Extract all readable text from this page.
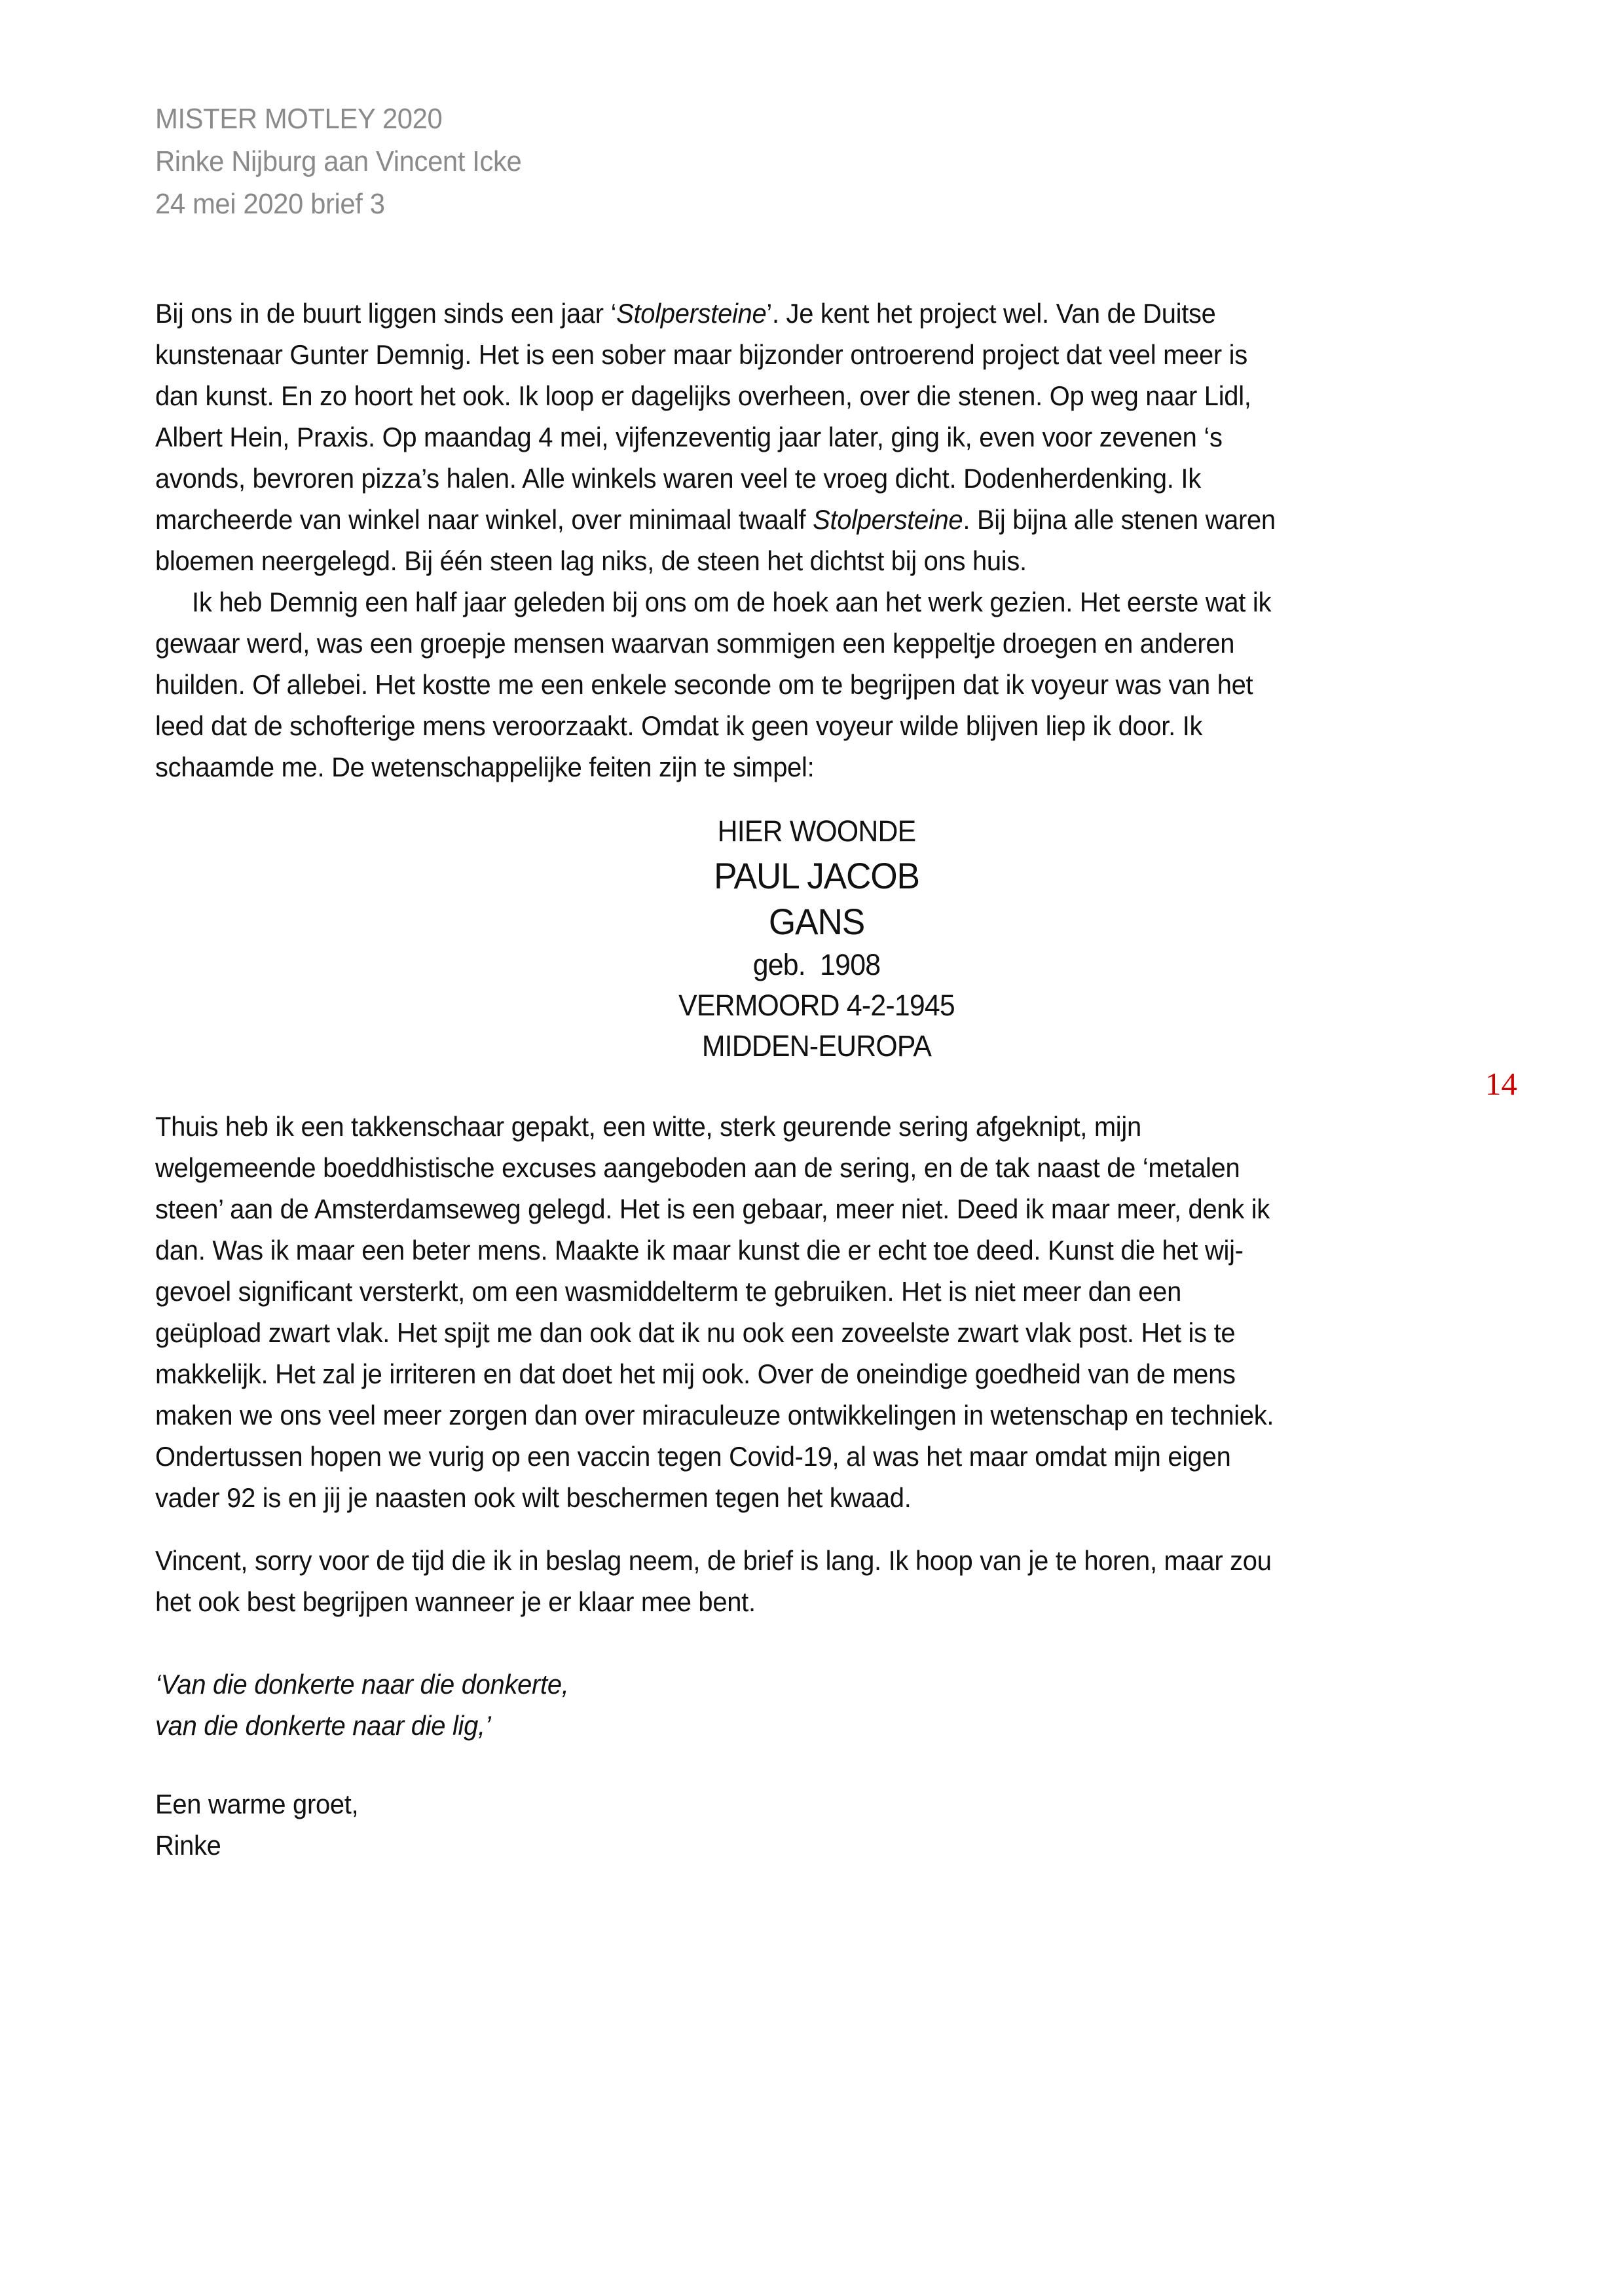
MISTER MOTLEY 2020
Rinke Nijburg aan Vincent Icke
24 mei 2020 brief 3
Bij ons in de buurt liggen sinds een jaar ‘Stolpersteine’. Je kent het project wel. Van de Duitse
kunstenaar Gunter Demnig. Het is een sober maar bijzonder ontroerend project dat veel meer is
dan kunst. En zo hoort het ook. Ik loop er dagelijks overheen, over die stenen. Op weg naar Lidl,
Albert Hein, Praxis. Op maandag 4 mei, vijfenzeventig jaar later, ging ik, even voor zevenen ‘s
avonds, bevroren pizza’s halen. Alle winkels waren veel te vroeg dicht. Dodenherdenking. Ik
marcheerde van winkel naar winkel, over minimaal twaalf Stolpersteine. Bij bijna alle stenen waren
bloemen neergelegd. Bij één steen lag niks, de steen het dichtst bij ons huis.
Ik heb Demnig een half jaar geleden bij ons om de hoek aan het werk gezien. Het eerste wat ik
gewaar werd, was een groepje mensen waarvan sommigen een keppeltje droegen en anderen
huilden. Of allebei. Het kostte me een enkele seconde om te begrijpen dat ik voyeur was van het
leed dat de schofterige mens veroorzaakt. Omdat ik geen voyeur wilde blijven liep ik door. Ik
schaamde me. De wetenschappelijke feiten zijn te simpel:
HIER WOONDE
PAUL JACOB
GANS
geb.  1908
VERMOORD 4-2-1945
MIDDEN-EUROPA
14
Thuis heb ik een takkenschaar gepakt, een witte, sterk geurende sering afgeknipt, mijn
welgemeende boeddhistische excuses aangeboden aan de sering, en de tak naast de ‘metalen
steen’ aan de Amsterdamseweg gelegd. Het is een gebaar, meer niet. Deed ik maar meer, denk ik
dan. Was ik maar een beter mens. Maakte ik maar kunst die er echt toe deed. Kunst die het wij-
gevoel significant versterkt, om een wasmiddelterm te gebruiken. Het is niet meer dan een
geüpload zwart vlak. Het spijt me dan ook dat ik nu ook een zoveelste zwart vlak post. Het is te
makkelijk. Het zal je irriteren en dat doet het mij ook. Over de oneindige goedheid van de mens
maken we ons veel meer zorgen dan over miraculeuze ontwikkelingen in wetenschap en techniek.
Ondertussen hopen we vurig op een vaccin tegen Covid-19, al was het maar omdat mijn eigen
vader 92 is en jij je naasten ook wilt beschermen tegen het kwaad.
Vincent, sorry voor de tijd die ik in beslag neem, de brief is lang. Ik hoop van je te horen, maar zou
het ook best begrijpen wanneer je er klaar mee bent.
‘Van die donkerte naar die donkerte,
van die donkerte naar die lig,’
Een warme groet,
Rinke
